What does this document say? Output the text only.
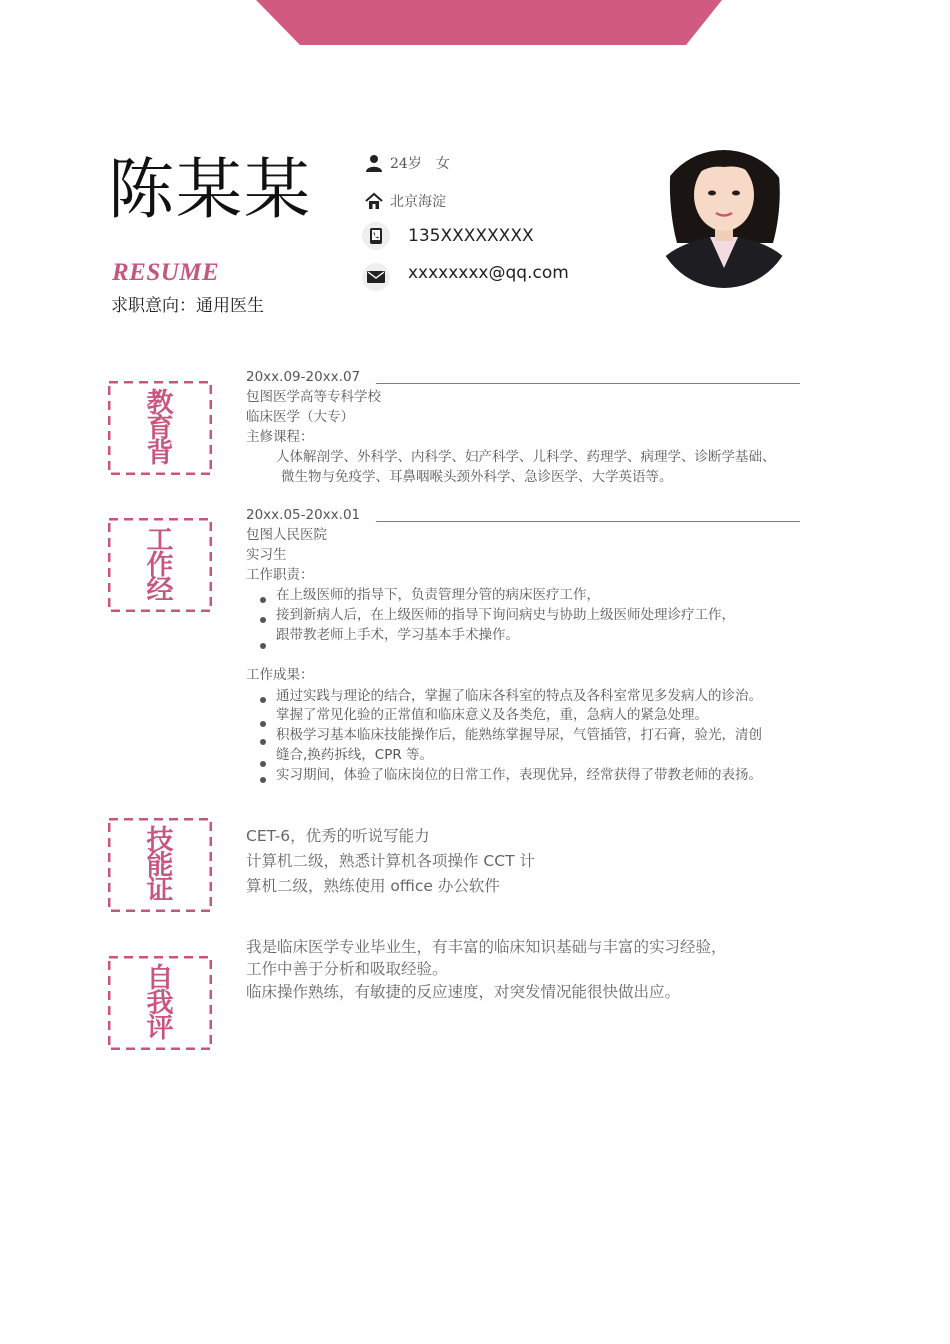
陈某某
RESUME
求职意向：通用医生
24岁　女
北京海淀
135XXXXXXXX
xxxxxxxx@qq.com
教
育
背
20xx.09-20xx.07
包图医学高等专科学校
临床医学（大专）
主修课程：
人体解剖学、外科学、内科学、妇产科学、儿科学、药理学、病理学、诊断学基础、
微生物与免疫学、耳鼻咽喉头颈外科学、急诊医学、大学英语等。
工
作
经
20xx.05-20xx.01
包图人民医院
实习生
工作职责：
在上级医师的指导下，负责管理分管的病床医疗工作，
接到新病人后，在上级医师的指导下询问病史与协助上级医师处理诊疗工作，
跟带教老师上手术，学习基本手术操作。
工作成果：
通过实践与理论的结合，掌握了临床各科室的特点及各科室常见多发病人的诊治。
掌握了常见化验的正常值和临床意义及各类危，重，急病人的紧急处理。
积极学习基本临床技能操作后，能熟练掌握导尿，气管插管，打石膏，验光，清创
缝合,换药拆线，CPR 等。
实习期间，体验了临床岗位的日常工作，表现优异，经常获得了带教老师的表扬。
技
能
证
CET-6，优秀的听说写能力
计算机二级，熟悉计算机各项操作 CCT 计
算机二级，熟练使用 office 办公软件
自
我
评
我是临床医学专业毕业生，有丰富的临床知识基础与丰富的实习经验，
工作中善于分析和吸取经验。
临床操作熟练，有敏捷的反应速度，对突发情况能很快做出应。
